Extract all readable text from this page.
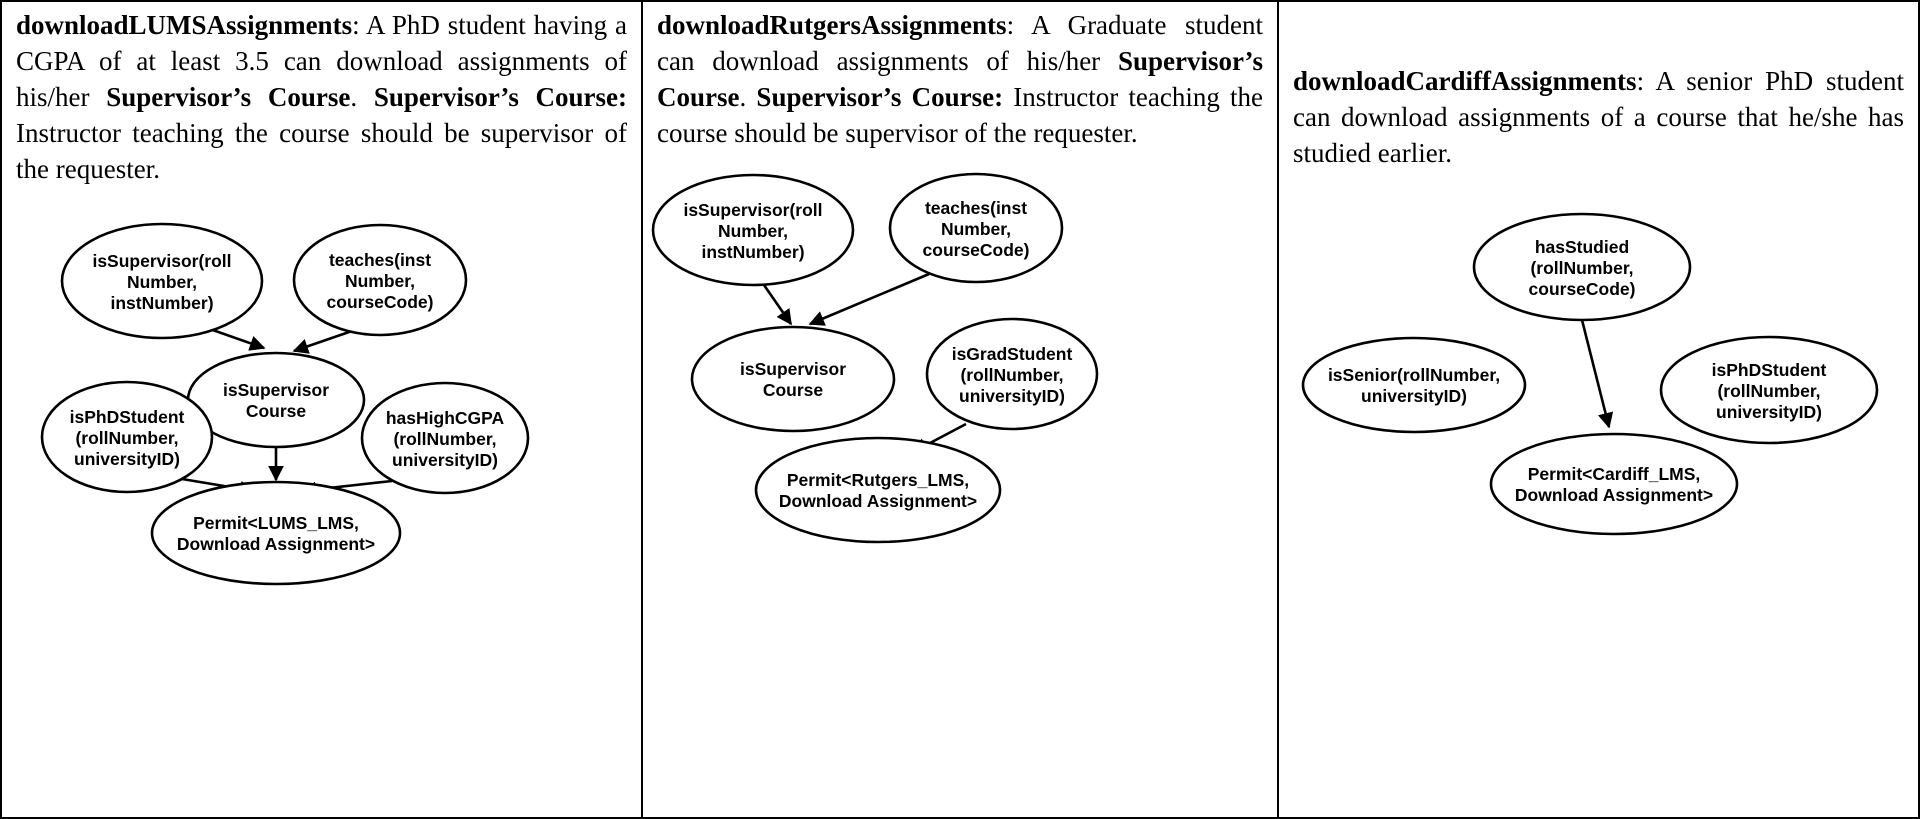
downloadLUMSAssignments: A PhD student having a CGPA of at least 3.5 can download assignments of his/her Supervisor’s Course. Supervisor’s Course: Instructor teaching the course should be supervisor of the requester.
isSupervisor(roll
Number,
instNumber)
teaches(inst
Number,
courseCode)
isSupervisor
Course
isPhDStudent
(rollNumber,
universityID)
hasHighCGPA
(rollNumber,
universityID)
Permit<LUMS_LMS,
Download Assignment>
downloadRutgersAssignments: A Graduate student can download assignments of his/her Supervisor’s Course. Supervisor’s Course: Instructor teaching the course should be supervisor of the requester.
isSupervisor(roll
Number,
instNumber)
teaches(inst
Number,
courseCode)
isSupervisor
Course
isGradStudent
(rollNumber,
universityID)
Permit<Rutgers_LMS,
Download Assignment>
downloadCardiffAssignments: A senior PhD student can download assignments of a course that he/she has studied earlier.
hasStudied
(rollNumber,
courseCode)
isSenior(rollNumber,
universityID)
isPhDStudent
(rollNumber,
universityID)
Permit<Cardiff_LMS,
Download Assignment>
